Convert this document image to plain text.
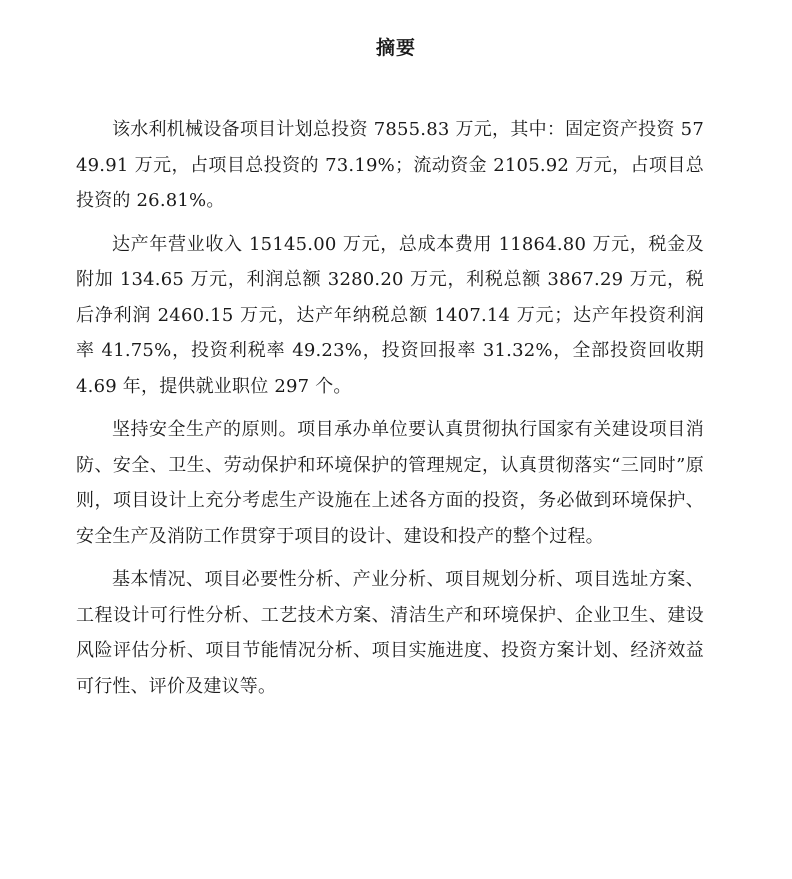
摘要

该水利机械设备项目计划总投资 7855.83 万元，其中：固定资产投资 5749.91 万元，占项目总投资的 73.19%；流动资金 2105.92 万元，占项目总投资的 26.81%。

达产年营业收入 15145.00 万元，总成本费用 11864.80 万元，税金及附加 134.65 万元，利润总额 3280.20 万元，利税总额 3867.29 万元，税后净利润 2460.15 万元，达产年纳税总额 1407.14 万元；达产年投资利润率 41.75%，投资利税率 49.23%，投资回报率 31.32%，全部投资回收期 4.69 年，提供就业职位 297 个。

坚持安全生产的原则。项目承办单位要认真贯彻执行国家有关建设项目消防、安全、卫生、劳动保护和环境保护的管理规定，认真贯彻落实“三同时”原则，项目设计上充分考虑生产设施在上述各方面的投资，务必做到环境保护、安全生产及消防工作贯穿于项目的设计、建设和投产的整个过程。

基本情况、项目必要性分析、产业分析、项目规划分析、项目选址方案、工程设计可行性分析、工艺技术方案、清洁生产和环境保护、企业卫生、建设风险评估分析、项目节能情况分析、项目实施进度、投资方案计划、经济效益可行性、评价及建议等。
